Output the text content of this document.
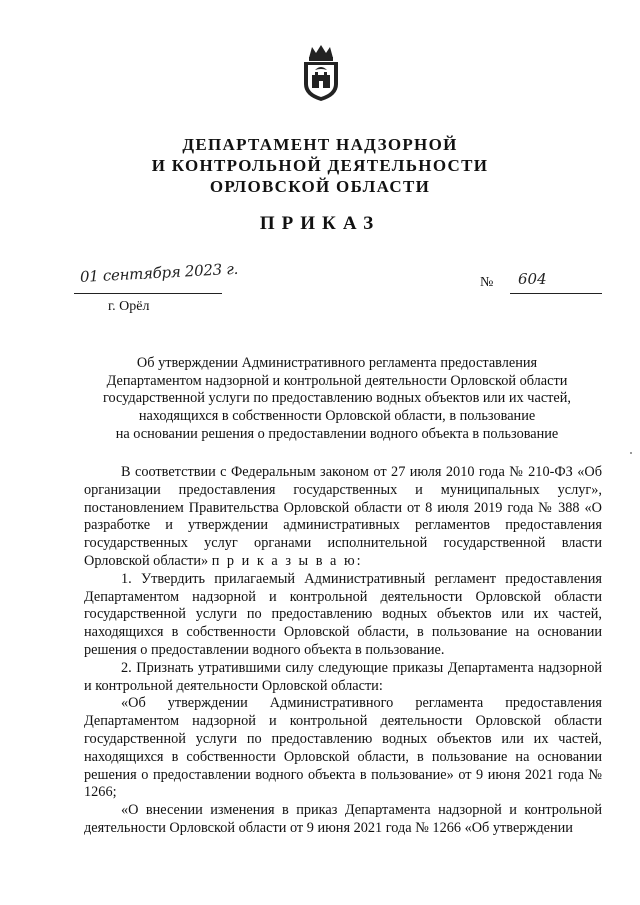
ДЕПАРТАМЕНТ НАДЗОРНОЙ
И КОНТРОЛЬНОЙ ДЕЯТЕЛЬНОСТИ
ОРЛОВСКОЙ ОБЛАСТИ
ПРИКАЗ
01 сентября 2023 г.	№ 604
г. Орёл
Об утверждении Административного регламента предоставления
Департаментом надзорной и контрольной деятельности Орловской области
государственной услуги по предоставлению водных объектов или их частей,
находящихся в собственности Орловской области, в пользование
на основании решения о предоставлении водного объекта в пользование

В соответствии с Федеральным законом от 27 июля 2010 года № 210-ФЗ «Об организации предоставления государственных и муниципальных услуг», постановлением Правительства Орловской области от 8 июля 2019 года № 388 «О разработке и утверждении административных регламентов предоставления государственных услуг органами исполнительной государственной власти Орловской области» п р и к а з ы в а ю:

1. Утвердить прилагаемый Административный регламент предоставления Департаментом надзорной и контрольной деятельности Орловской области государственной услуги по предоставлению водных объектов или их частей, находящихся в собственности Орловской области, в пользование на основании решения о предоставлении водного объекта в пользование.

2. Признать утратившими силу следующие приказы Департамента надзорной и контрольной деятельности Орловской области:

«Об утверждении Административного регламента предоставления Департаментом надзорной и контрольной деятельности Орловской области государственной услуги по предоставлению водных объектов или их частей, находящихся в собственности Орловской области, в пользование на основании решения о предоставлении водного объекта в пользование» от 9 июня 2021 года № 1266;

«О внесении изменения в приказ Департамента надзорной и контрольной деятельности Орловской области от 9 июня 2021 года № 1266 «Об утверждении
